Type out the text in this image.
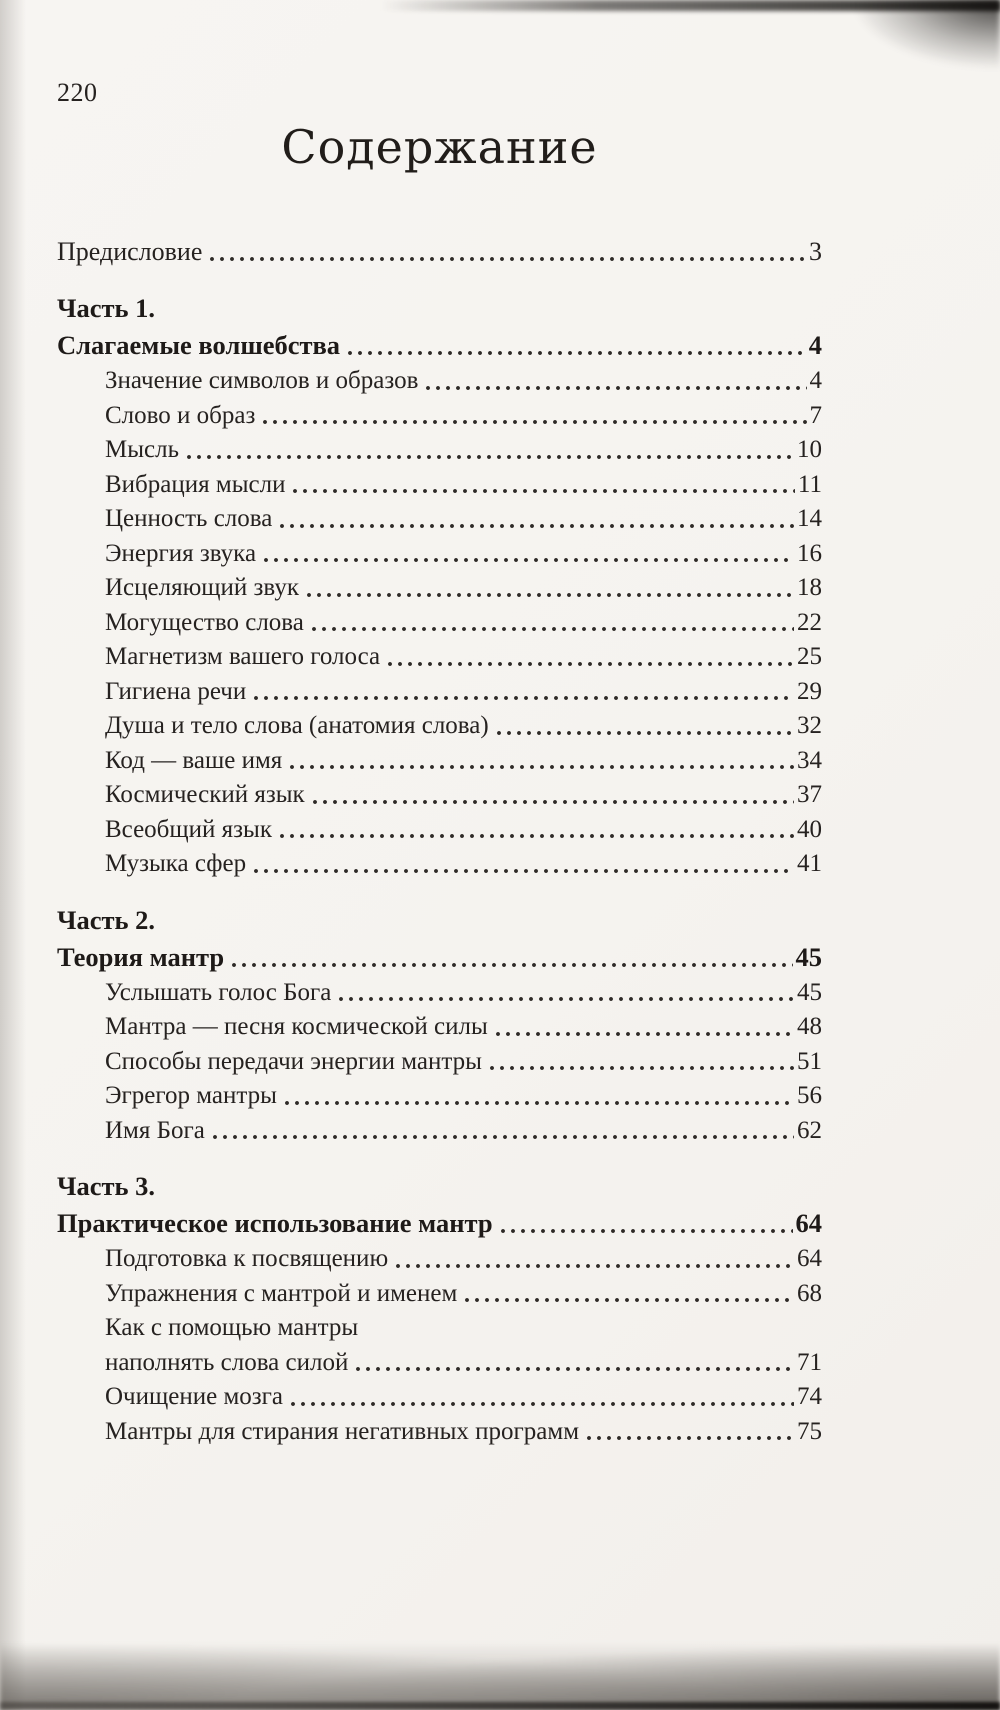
220
Содержание
Предисловие	3
Часть 1.
Слагаемые волшебства	4
Значение символов и образов	4
Слово и образ	7
Мысль	10
Вибрация мысли	11
Ценность слова	14
Энергия звука	16
Исцеляющий звук	18
Могущество слова	22
Магнетизм вашего голоса	25
Гигиена речи	29
Душа и тело слова (анатомия слова)	32
Код — ваше имя	34
Космический язык	37
Всеобщий язык	40
Музыка сфер	41
Часть 2.
Теория мантр	45
Услышать голос Бога	45
Мантра — песня космической силы	48
Способы передачи энергии мантры	51
Эгрегор мантры	56
Имя Бога	62
Часть 3.
Практическое использование мантр	64
Подготовка к посвящению	64
Упражнения с мантрой и именем	68
Как с помощью мантры
наполнять слова силой	71
Очищение мозга	74
Мантры для стирания негативных программ	75
